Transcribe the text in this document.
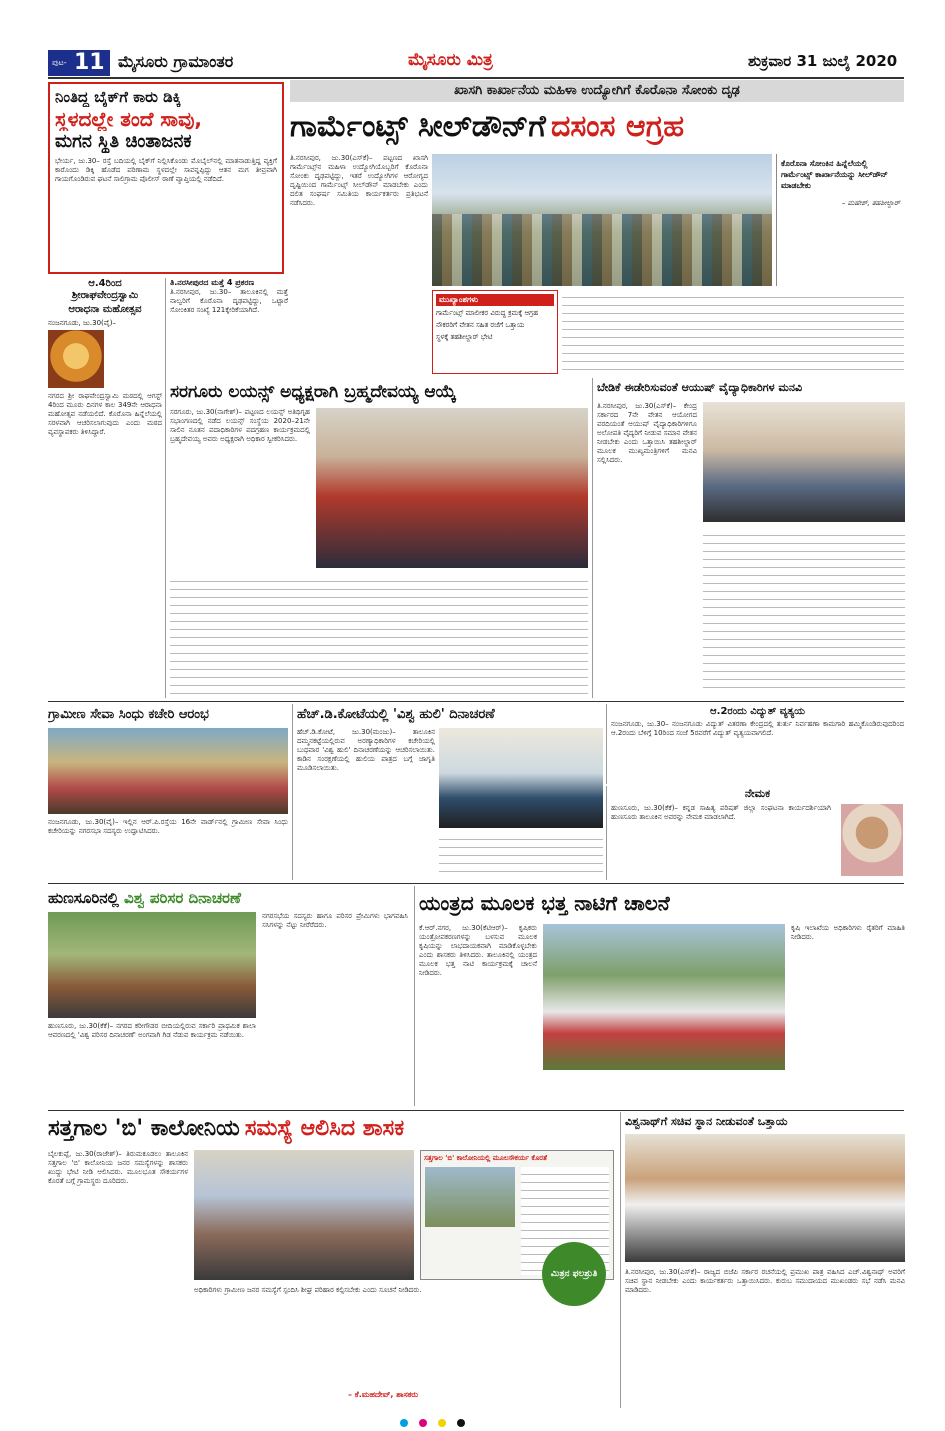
ಪುಟ- 11 ಮೈಸೂರು ಗ್ರಾಮಾಂತರ	ಮೈಸೂರು ಮಿತ್ರ	ಶುಕ್ರವಾರ 31 ಜುಲೈ 2020
ನಿಂತಿದ್ದ ಬೈಕ್‌ಗೆ ಕಾರು ಡಿಕ್ಕಿ
ಸ್ಥಳದಲ್ಲೇ ತಂದೆ ಸಾವು,
ಮಗನ ಸ್ಥಿತಿ ಚಿಂತಾಜನಕ
ಭೇರ್ಯ, ಜು.30– ರಸ್ತೆ ಬದಿಯಲ್ಲಿ ಬೈಕ್‌ಗೆ ನಿಲ್ಲಿಸಿಕೊಂಡು ಮೊಬೈಲ್‌ನಲ್ಲಿ ಮಾತನಾಡುತ್ತಿದ್ದ ವ್ಯಕ್ತಿಗೆ ಕಾರೊಂದು ಡಿಕ್ಕಿ ಹೊಡೆದ ಪರಿಣಾಮ ಸ್ಥಳದಲ್ಲೇ ಸಾವನ್ನಪ್ಪಿದ್ದು ಆತನ ಮಗ ತೀವ್ರವಾಗಿ ಗಾಯಗೊಂಡಿರುವ ಘಟನೆ ಸಾಲಿಗ್ರಾಮ ಪೊಲೀಸ್ ಠಾಣೆ ವ್ಯಾಪ್ತಿಯಲ್ಲಿ ನಡೆದಿದೆ.
ಖಾಸಗಿ ಕಾರ್ಖಾನೆಯ ಮಹಿಳಾ ಉದ್ಯೋಗಿಗೆ ಕೊರೊನಾ ಸೋಂಕು ದೃಢ
ಗಾರ್ಮೆಂಟ್ಸ್ ಸೀಲ್‌ಡೌನ್‌ಗೆ ದಸಂಸ ಆಗ್ರಹ
ತಿ.ನರಸೀಪುರ, ಜು.30(ಎಸ್‌ಕೆ)– ಪಟ್ಟಣದ ಖಾಸಗಿ ಗಾರ್ಮೆಂಟ್ಸ್‌ನ ಮಹಿಳಾ ಉದ್ಯೋಗಿಯೊಬ್ಬರಿಗೆ ಕೊರೊನಾ ಸೋಂಕು ದೃಢಪಟ್ಟಿದ್ದು, ಇತರೆ ಉದ್ಯೋಗಿಗಳ ಆರೋಗ್ಯದ ದೃಷ್ಟಿಯಿಂದ ಗಾರ್ಮೆಂಟ್ಸ್ ಸೀಲ್‌ಡೌನ್ ಮಾಡಬೇಕು ಎಂದು ದಲಿತ ಸಂಘರ್ಷ ಸಮಿತಿಯ ಕಾರ್ಯಕರ್ತರು ಪ್ರತಿಭಟನೆ ನಡೆಸಿದರು.
ಕೊರೊನಾ ಸೋಂಕಿನ ಹಿನ್ನೆಲೆಯಲ್ಲಿ ಗಾರ್ಮೆಂಟ್ಸ್ ಕಾರ್ಖಾನೆಯನ್ನು ಸೀಲ್‌ಡೌನ್ ಮಾಡಬೇಕು
– ಮಹೇಶ್, ತಹಶೀಲ್ದಾರ್
ಮುಖ್ಯಾಂಶಗಳು
ಗಾರ್ಮೆಂಟ್ಸ್ ಮಾಲೀಕರ ವಿರುದ್ಧ ಕ್ರಮಕ್ಕೆ ಆಗ್ರಹ
ನೌಕರರಿಗೆ ವೇತನ ಸಹಿತ ರಜೆಗೆ ಒತ್ತಾಯ
ಸ್ಥಳಕ್ಕೆ ತಹಶೀಲ್ದಾರ್ ಭೇಟಿ
ಆ.4ರಿಂದ
ಶ್ರೀರಾಘವೇಂದ್ರಸ್ವಾಮಿ
ಆರಾಧನಾ ಮಹೋತ್ಸವ
ನಂಜನಗೂಡು, ಜು.30(ವೈ)–
ನಗರದ ಶ್ರೀ ರಾಘವೇಂದ್ರಸ್ವಾಮಿ ಮಠದಲ್ಲಿ ಆಗಸ್ಟ್ 4ರಿಂದ ಮೂರು ದಿನಗಳ ಕಾಲ 349ನೇ ಆರಾಧನಾ ಮಹೋತ್ಸವ ನಡೆಯಲಿದೆ. ಕೊರೊನಾ ಹಿನ್ನೆಲೆಯಲ್ಲಿ ಸರಳವಾಗಿ ಆಚರಿಸಲಾಗುವುದು ಎಂದು ಮಠದ ವ್ಯವಸ್ಥಾಪಕರು ತಿಳಿಸಿದ್ದಾರೆ.
ತಿ.ನರಸೀಪುರದ ಮತ್ತೆ 4 ಪ್ರಕರಣ
ತಿ.ನರಸೀಪುರ, ಜು.30– ತಾಲೂಕಿನಲ್ಲಿ ಮತ್ತೆ ನಾಲ್ವರಿಗೆ ಕೊರೊನಾ ದೃಢಪಟ್ಟಿದ್ದು, ಒಟ್ಟಾರೆ ಸೋಂಕಿತರ ಸಂಖ್ಯೆ 121ಕ್ಕೇರಿಕೆಯಾಗಿದೆ.
ಸರಗೂರು ಲಯನ್ಸ್ ಅಧ್ಯಕ್ಷರಾಗಿ ಬ್ರಹ್ಮದೇವಯ್ಯ ಆಯ್ಕೆ
ಸರಗೂರು, ಜು.30(ನಾಗೇಶ್)– ಪಟ್ಟಣದ ಲಯನ್ಸ್ ಅತಿಥಿಗೃಹ ಸಭಾಂಗಣದಲ್ಲಿ ನಡೆದ ಲಯನ್ಸ್ ಸಂಸ್ಥೆಯ 2020–21ನೇ ಸಾಲಿನ ನೂತನ ಪದಾಧಿಕಾರಿಗಳ ಪದಗ್ರಹಣ ಕಾರ್ಯಕ್ರಮದಲ್ಲಿ ಬ್ರಹ್ಮದೇವಯ್ಯ ಅವರು ಅಧ್ಯಕ್ಷರಾಗಿ ಅಧಿಕಾರ ಸ್ವೀಕರಿಸಿದರು.
ಬೇಡಿಕೆ ಈಡೇರಿಸುವಂತೆ ಆಯುಷ್ ವೈದ್ಯಾಧಿಕಾರಿಗಳ ಮನವಿ
ತಿ.ನರಸೀಪುರ, ಜು.30(ಎಸ್‌ಕೆ)– ಕೇಂದ್ರ ಸರ್ಕಾರದ 7ನೇ ವೇತನ ಆಯೋಗದ ವರದಿಯಂತೆ ಆಯುಷ್ ವೈದ್ಯಾಧಿಕಾರಿಗಳಿಗೂ ಅಲೋಪತಿ ವೈದ್ಯರಿಗೆ ನೀಡುವ ಸಮಾನ ವೇತನ ನೀಡಬೇಕು ಎಂದು ಒತ್ತಾಯಿಸಿ ತಹಶೀಲ್ದಾರ್ ಮೂಲಕ ಮುಖ್ಯಮಂತ್ರಿಗಳಿಗೆ ಮನವಿ ಸಲ್ಲಿಸಿದರು.
ಗ್ರಾಮೀಣ ಸೇವಾ ಸಿಂಧು ಕಚೇರಿ ಆರಂಭ
ನಂಜನಗೂಡು, ಜು.30(ವೈ)– ಇಲ್ಲಿನ ಆರ್.ಪಿ.ರಸ್ತೆಯ 16ನೇ ವಾರ್ಡ್‌ನಲ್ಲಿ ಗ್ರಾಮೀಣ ಸೇವಾ ಸಿಂಧು ಕಚೇರಿಯನ್ನು ನಗರಸಭಾ ಸದಸ್ಯರು ಉದ್ಘಾಟಿಸಿದರು.
ಹೆಚ್.ಡಿ.ಕೋಟೆಯಲ್ಲಿ 'ವಿಶ್ವ ಹುಲಿ' ದಿನಾಚರಣೆ
ಹೆಚ್.ಡಿ.ಕೋಟೆ, ಜು.30(ಮಂಜು)– ತಾಲೂಕಿನ ದಮ್ಮನಕಟ್ಟೆಯಲ್ಲಿರುವ ಅರಣ್ಯಾಧಿಕಾರಿಗಳ ಕಚೇರಿಯಲ್ಲಿ ಬುಧವಾರ 'ವಿಶ್ವ ಹುಲಿ' ದಿನಾಚರಣೆಯನ್ನು ಆಚರಿಸಲಾಯಿತು. ಕಾಡಿನ ಸಂರಕ್ಷಣೆಯಲ್ಲಿ ಹುಲಿಯ ಪಾತ್ರದ ಬಗ್ಗೆ ಜಾಗೃತಿ ಮೂಡಿಸಲಾಯಿತು.
ಆ.2ರಂದು ವಿದ್ಯುತ್ ವ್ಯತ್ಯಯ
ನಂಜನಗೂಡು, ಜು.30– ನಂಜನಗೂಡು ವಿದ್ಯುತ್ ವಿತರಣಾ ಕೇಂದ್ರದಲ್ಲಿ ತುರ್ತು ನಿರ್ವಹಣಾ ಕಾಮಗಾರಿ ಹಮ್ಮಿಕೊಂಡಿರುವುದರಿಂದ ಆ.2ರಂದು ಬೆಳಿಗ್ಗೆ 10ರಿಂದ ಸಂಜೆ 5ರವರೆಗೆ ವಿದ್ಯುತ್ ವ್ಯತ್ಯಯವಾಗಲಿದೆ.
ನೇಮಕ
ಹುಣಸೂರು, ಜು.30(ಕೆಕೆ)– ಕನ್ನಡ ಸಾಹಿತ್ಯ ಪರಿಷತ್ ಜಿಲ್ಲಾ ಸಂಘಟನಾ ಕಾರ್ಯದರ್ಶಿಯಾಗಿ ಹುಣಸೂರು ತಾಲೂಕಿನ ಅವರನ್ನು ನೇಮಕ ಮಾಡಲಾಗಿದೆ.
ಹುಣಸೂರಿನಲ್ಲಿ ವಿಶ್ವ ಪರಿಸರ ದಿನಾಚರಣೆ
ಹುಣಸೂರು, ಜು.30(ಕೆಕೆ)– ನಗರದ ಕರೀಗೌಡರ ಬೀದಿಯಲ್ಲಿರುವ ಸರ್ಕಾರಿ ಪ್ರಾಥಮಿಕ ಶಾಲಾ ಆವರಣದಲ್ಲಿ 'ವಿಶ್ವ ಪರಿಸರ ದಿನಾಚರಣೆ' ಅಂಗವಾಗಿ ಗಿಡ ನೆಡುವ ಕಾರ್ಯಕ್ರಮ ನಡೆಯಿತು.
ನಗರಸಭೆಯ ಸದಸ್ಯರು ಹಾಗೂ ಪರಿಸರ ಪ್ರೇಮಿಗಳು ಭಾಗವಹಿಸಿ ಸಸಿಗಳನ್ನು ನೆಟ್ಟು ನೀರೆರೆದರು.
ಯಂತ್ರದ ಮೂಲಕ ಭತ್ತ ನಾಟಿಗೆ ಚಾಲನೆ
ಕೆ.ಆರ್.ನಗರ, ಜು.30(ಕೆಟಿಆರ್)– ಕೃಷಿಕರು ಯಂತ್ರೋಪಕರಣಗಳನ್ನು ಬಳಸುವ ಮೂಲಕ ಕೃಷಿಯನ್ನು ಲಾಭದಾಯಕವಾಗಿ ಮಾಡಿಕೊಳ್ಳಬೇಕು ಎಂದು ಶಾಸಕರು ತಿಳಿಸಿದರು. ತಾಲೂಕಿನಲ್ಲಿ ಯಂತ್ರದ ಮೂಲಕ ಭತ್ತ ನಾಟಿ ಕಾರ್ಯಕ್ರಮಕ್ಕೆ ಚಾಲನೆ ನೀಡಿದರು.
ಕೃಷಿ ಇಲಾಖೆಯ ಅಧಿಕಾರಿಗಳು ರೈತರಿಗೆ ಮಾಹಿತಿ ನೀಡಿದರು.
ಸತ್ತಗಾಲ 'ಬಿ' ಕಾಲೋನಿಯ ಸಮಸ್ಯೆ ಆಲಿಸಿದ ಶಾಸಕ
ಬೈಲಕುಪ್ಪೆ, ಜು.30(ರಾಜೇಶ್)– ತಿರುಮಕೂಡಲು ತಾಲೂಕಿನ ಸತ್ತಗಾಲ 'ಬಿ' ಕಾಲೋನಿಯ ಜನರ ಸಮಸ್ಯೆಗಳನ್ನು ಶಾಸಕರು ಖುದ್ದು ಭೇಟಿ ನೀಡಿ ಆಲಿಸಿದರು. ಮೂಲಭೂತ ಸೌಕರ್ಯಗಳ ಕೊರತೆ ಬಗ್ಗೆ ಗ್ರಾಮಸ್ಥರು ದೂರಿದರು.
ಸತ್ತಗಾಲ 'ಬಿ' ಕಾಲೋನಿಯಲ್ಲಿ ಮೂಲಸೌಕರ್ಯ ಕೊರತೆ
ಮಿತ್ರನ ಫಲಶ್ರುತಿ
ಅಧಿಕಾರಿಗಳು ಗ್ರಾಮೀಣ ಜನರ ಸಮಸ್ಯೆಗೆ ಸ್ಪಂದಿಸಿ ಶೀಘ್ರ ಪರಿಹಾರ ಕಲ್ಪಿಸಬೇಕು ಎಂದು ಸೂಚನೆ ನೀಡಿದರು.
– ಕೆ.ಮಹದೇವ್, ಶಾಸಕರು
ವಿಶ್ವನಾಥ್‌ಗೆ ಸಚಿವ ಸ್ಥಾನ ನೀಡುವಂತೆ ಒತ್ತಾಯ
ತಿ.ನರಸೀಪುರ, ಜು.30(ಎಸ್‌ಕೆ)– ರಾಜ್ಯದ ಬಿಜೆಪಿ ಸರ್ಕಾರ ರಚನೆಯಲ್ಲಿ ಪ್ರಮುಖ ಪಾತ್ರ ವಹಿಸಿದ ಎಚ್.ವಿಶ್ವನಾಥ್ ಅವರಿಗೆ ಸಚಿವ ಸ್ಥಾನ ನೀಡಬೇಕು ಎಂದು ಕಾರ್ಯಕರ್ತರು ಒತ್ತಾಯಿಸಿದರು. ಕುರುಬ ಸಮುದಾಯದ ಮುಖಂಡರು ಸಭೆ ನಡೆಸಿ ಮನವಿ ಮಾಡಿದರು.
